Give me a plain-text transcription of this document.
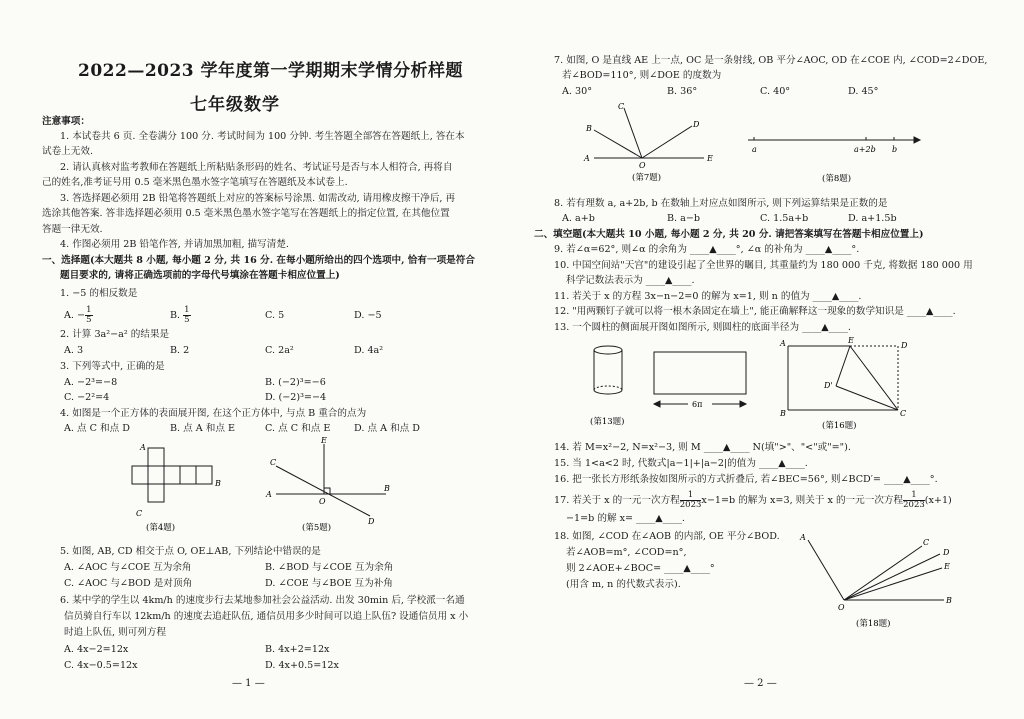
2022—2023 学年度第一学期期末学情分析样题
七年级数学
注意事项：
1. 本试卷共 6 页. 全卷满分 100 分. 考试时间为 100 分钟. 考生答题全部答在答题纸上, 答在本
试卷上无效.
2. 请认真核对监考教师在答题纸上所粘贴条形码的姓名、考试证号是否与本人相符合, 再将自
己的姓名,准考证号用 0.5 毫米黑色墨水签字笔填写在答题纸及本试卷上.
3. 答选择题必须用 2B 铅笔将答题纸上对应的答案标号涂黑. 如需改动, 请用橡皮擦干净后, 再
选涂其他答案. 答非选择题必须用 0.5 毫米黑色墨水签字笔写在答题纸上的指定位置, 在其他位置
答题一律无效.
4. 作图必须用 2B 铅笔作答, 并请加黑加粗, 描写清楚.
一、选择题(本大题共 8 小题, 每小题 2 分, 共 16 分. 在每小题所给出的四个选项中, 恰有一项是符合
题目要求的, 请将正确选项前的字母代号填涂在答题卡相应位置上)
1. −5 的相反数是
A. − $\frac{1}{5}$	B. $\frac{1}{5}$	C. 5	D. −5
2. 计算 3a²−a² 的结果是
A. 3	B. 2	C. 2a²	D. 4a²
3. 下列等式中, 正确的是
A. −2³=−8	B. (−2)³=−6
C. −2²=4	D. (−2)³=−4
4. 如图是一个正方体的表面展开图, 在这个正方体中, 与点 B 重合的点为
A. 点 C 和点 D	B. 点 A 和点 E	C. 点 C 和点 E D. 点 A 和点 D
A
B
C
(第4题)
A
B
C
D
E
O
(第5题)
5. 如图, AB, CD 相交于点 O, OE⊥AB, 下列结论中错误的是
A. ∠AOC 与∠COE 互为余角	B. ∠BOD 与∠COE 互为余角
C. ∠AOC 与∠BOD 是对顶角	D. ∠COE 与∠BOE 互为补角
6. 某中学的学生以 4km/h 的速度步行去某地参加社会公益活动. 出发 30min 后, 学校派一名通
信员骑自行车以 12km/h 的速度去追赶队伍, 通信员用多少时间可以追上队伍? 设通信员用 x 小
时追上队伍, 则可列方程
A. 4x−2=12x	B. 4x+2=12x
C. 4x−0.5=12x	D. 4x+0.5=12x
— 1 —
7. 如图, O 是直线 AE 上一点, OC 是一条射线, OB 平分∠AOC, OD 在∠COE 内, ∠COD=2∠DOE,
若∠BOD=110°, 则∠DOE 的度数为
A. 30°	B. 36°	C. 40°	D. 45°
A
B
C
D
E
O
(第7题)
a	a+2b b
(第8题)
8. 若有理数 a, a+2b, b 在数轴上对应点如图所示, 则下列运算结果是正数的是
A. a+b	B. a−b	C. 1.5a+b	D. a+1.5b
二、填空题(本大题共 10 小题, 每小题 2 分, 共 20 分. 请把答案填写在答题卡相应位置上)
9. 若∠α=62°, 则∠α 的余角为 ____▲____°, ∠α 的补角为 ____▲____°.
10. 中国空间站"天宫"的建设引起了全世界的瞩目, 其重量约为 180 000 千克, 将数据 180 000 用
科学记数法表示为 ____▲____.
11. 若关于 x 的方程 3x−n−2=0 的解为 x=1, 则 n 的值为 ____▲____.
12. "用两颗钉子就可以将一根木条固定在墙上", 能正确解释这一现象的数学知识是 ____▲____.
13. 一个圆柱的侧面展开图如图所示, 则圆柱的底面半径为 ____▲____.
6π
(第13题)
A
B	C
D
E
D'
(第16题)
14. 若 M=x²−2, N=x²−3, 则 M ____▲____ N(填">"、"<"或"=").
15. 当 1<a<2 时, 代数式|a−1|+|a−2|的值为 ____▲____.
16. 把一张长方形纸条按如图所示的方式折叠后, 若∠BEC=56°, 则∠BCD′= ____▲____°.
17. 若关于 x 的一元一次方程 $\frac{1}{2023} x-1=b$ 的解为 x=3, 则关于 x 的一元一次方程 $\frac{1}{2023} (x+1)$
−1=b 的解 x= ____▲____.
18. 如图, ∠COD 在∠AOB 的内部, OE 平分∠BOD.
若∠AOB=m°, ∠COD=n°,
则 2∠AOE+∠BOC= ____▲____°
(用含 m, n 的代数式表示).
A
B
C
D
E
O
(第18题)
— 2 —
